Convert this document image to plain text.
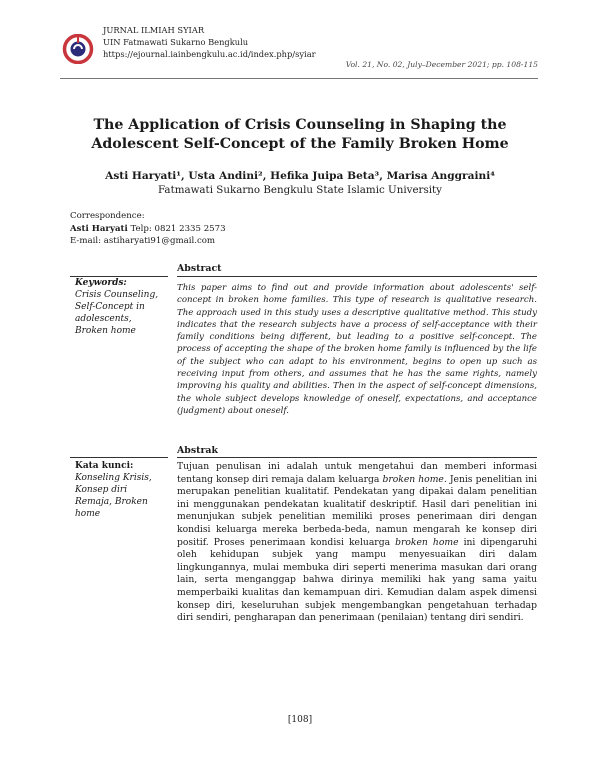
JURNAL ILMIAH SYIAR
UIN Fatmawati Sukarno Bengkulu
https://ejournal.iainbengkulu.ac.id/index.php/syiar
Vol. 21, No. 02, July–December 2021; pp. 108-115
The Application of Crisis Counseling in Shaping the
Adolescent Self-Concept of the Family Broken Home
Asti Haryati¹, Usta Andini², Hefika Juipa Beta³, Marisa Anggraini⁴
Fatmawati Sukarno Bengkulu State Islamic University
Correspondence:
Asti Haryati Telp: 0821 2335 2573
E-mail: astiharyati91@gmail.com
Abstract
Keywords:
Crisis Counseling, Self-Concept in adolescents, Broken home
This paper aims to find out and provide information about adolescents' self-concept in broken home families. This type of research is qualitative research. The approach used in this study uses a descriptive qualitative method. This study indicates that the research subjects have a process of self-acceptance with their family conditions being different, but leading to a positive self-concept. The process of accepting the shape of the broken home family is influenced by the life of the subject who can adapt to his environment, begins to open up such as receiving input from others, and assumes that he has the same rights, namely improving his quality and abilities. Then in the aspect of self-concept dimensions, the whole subject develops knowledge of oneself, expectations, and acceptance (judgment) about oneself.
Abstrak
Kata kunci:
Konseling Krisis, Konsep diri Remaja, Broken home
Tujuan penulisan ini adalah untuk mengetahui dan memberi informasi tentang konsep diri remaja dalam keluarga broken home. Jenis penelitian ini merupakan penelitian kualitatif. Pendekatan yang dipakai dalam penelitian ini menggunakan pendekatan kualitatif deskriptif. Hasil dari penelitian ini menunjukan subjek penelitian memiliki proses penerimaan diri dengan kondisi keluarga mereka berbeda-beda, namun mengarah ke konsep diri positif. Proses penerimaan kondisi keluarga broken home ini dipengaruhi oleh kehidupan subjek yang mampu menyesuaikan diri dalam lingkungannya, mulai membuka diri seperti menerima masukan dari orang lain, serta menganggap bahwa dirinya memiliki hak yang sama yaitu memperbaiki kualitas dan kemampuan diri. Kemudian dalam aspek dimensi konsep diri, keseluruhan subjek mengembangkan pengetahuan terhadap diri sendiri, pengharapan dan penerimaan (penilaian) tentang diri sendiri.
[108]
